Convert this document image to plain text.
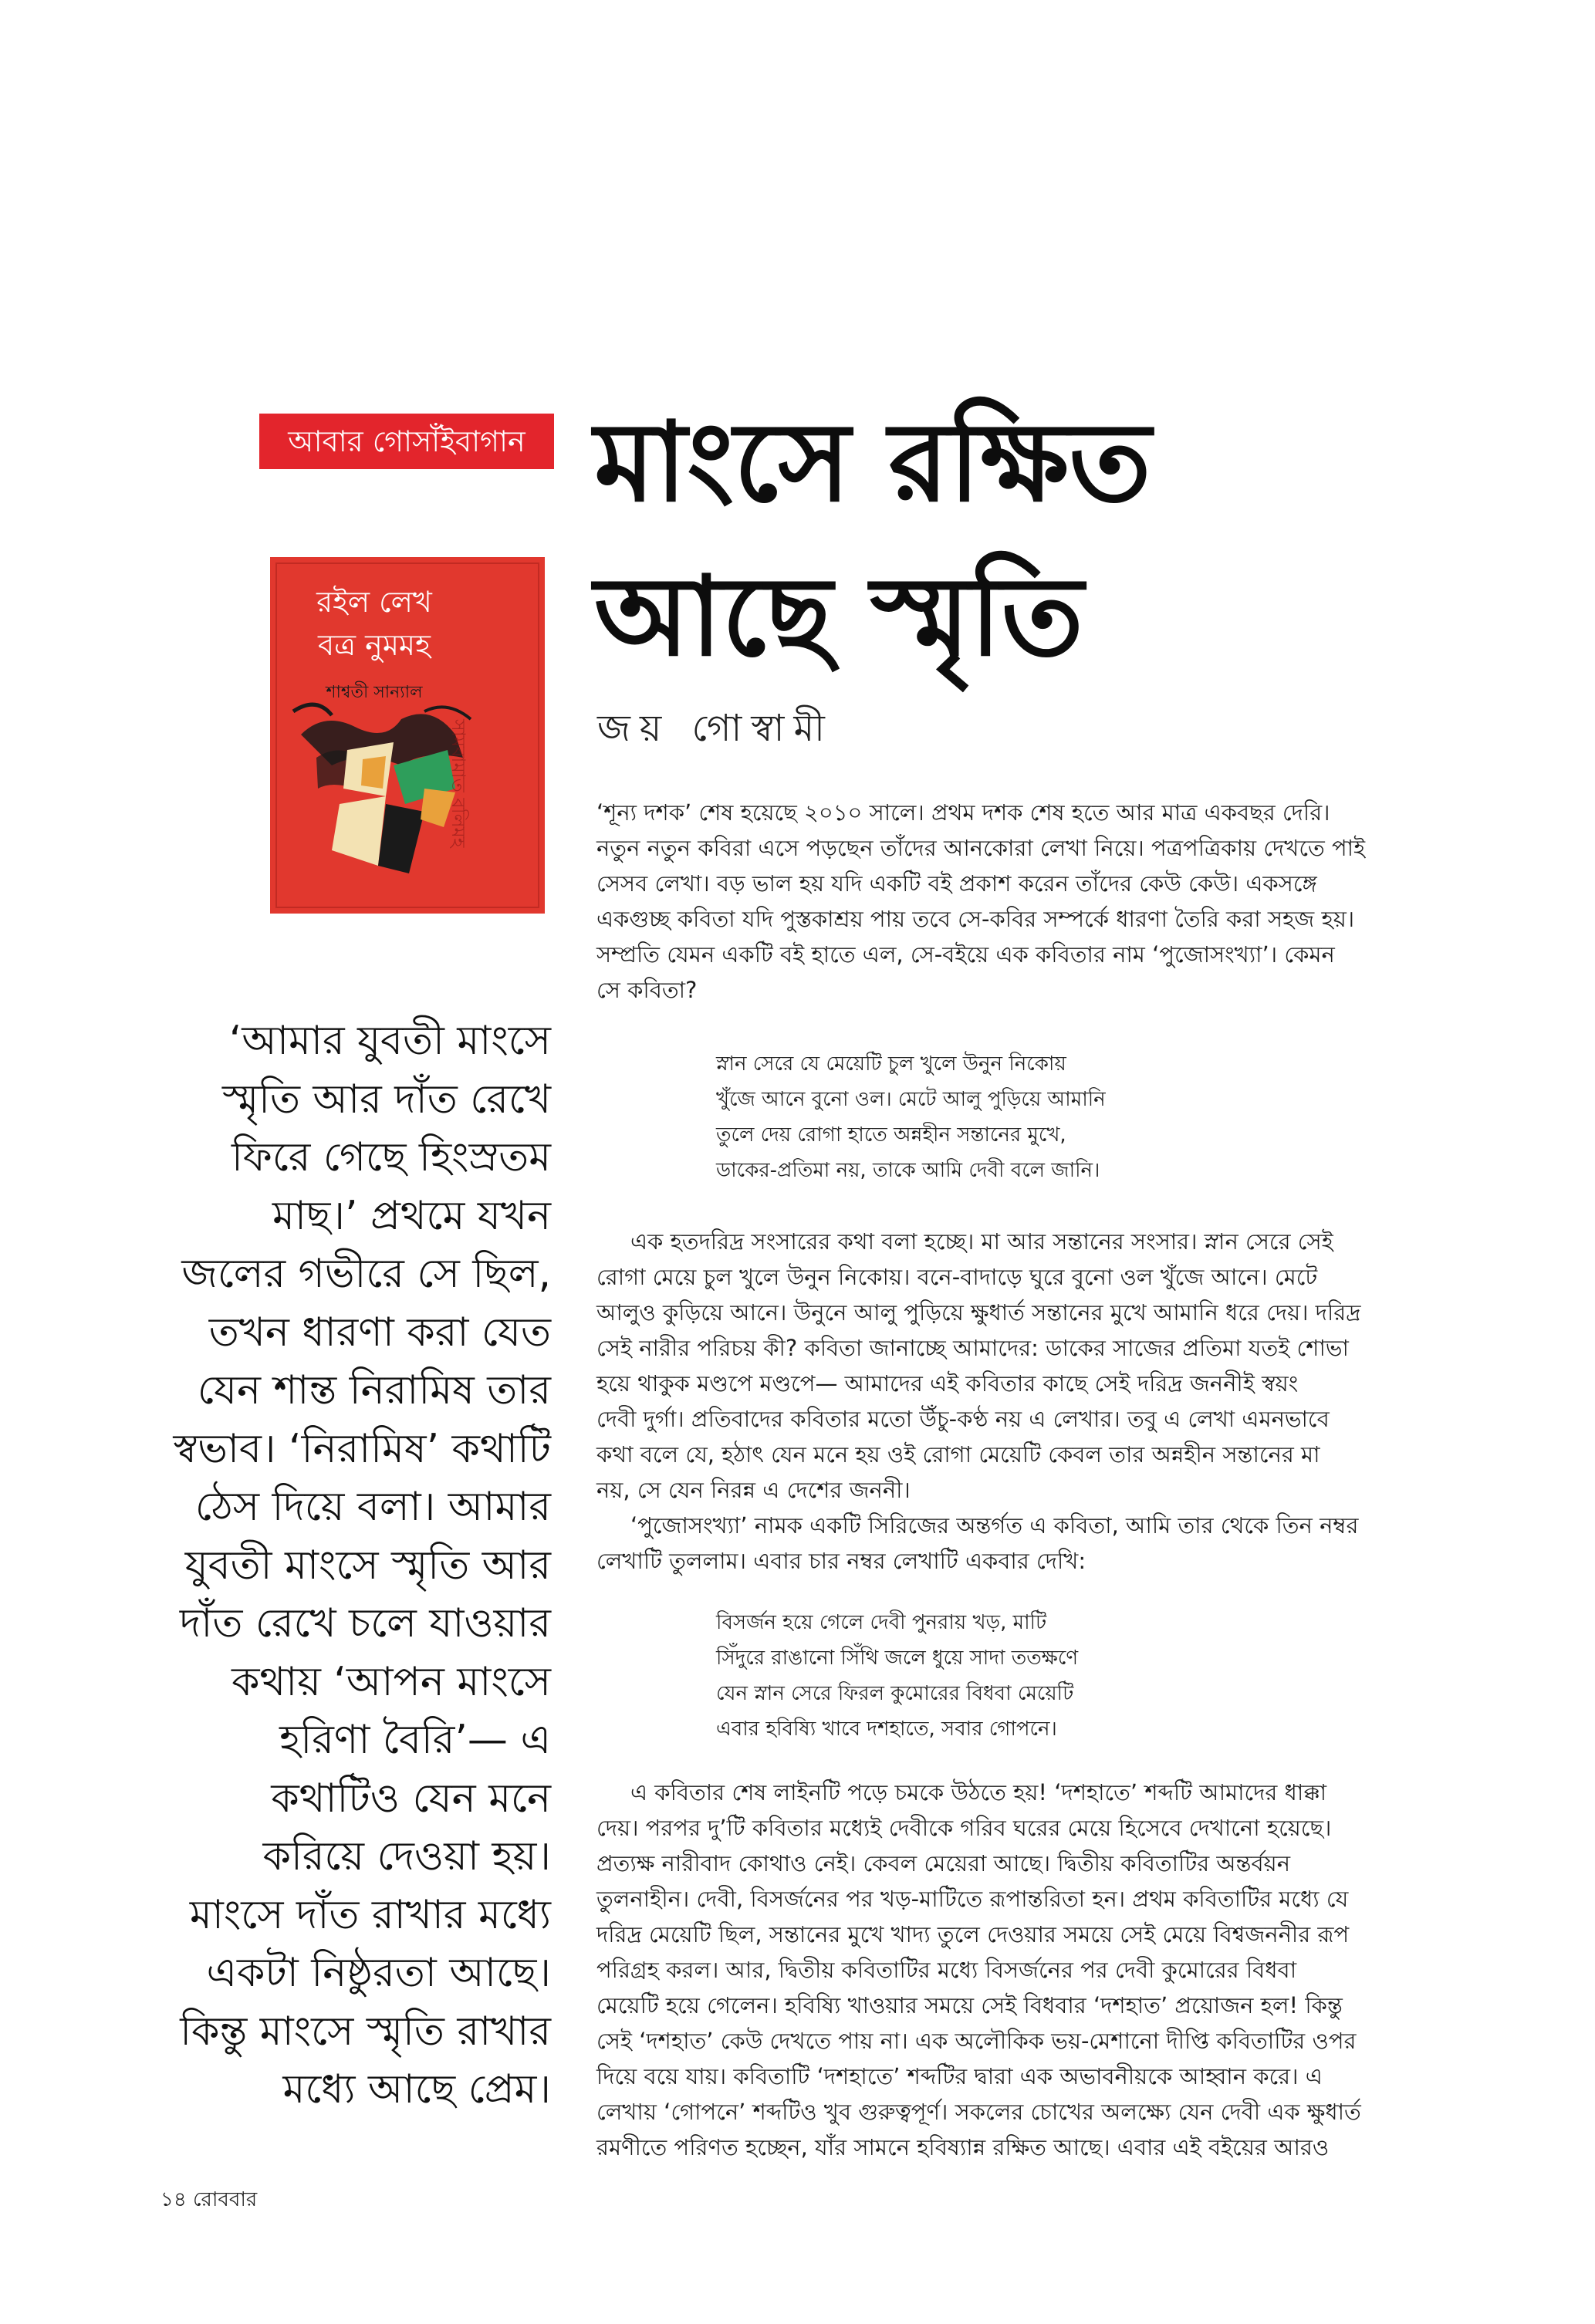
আবার গোসাঁইবাগান মাংসে রক্ষিত
আছে স্মৃতি
জয় গোস্বামী
রইল লেখ
বত্র নুমমহ
শাশ্বতী সান্যাল
সামবামাত বলিমহ
‘আমার যুবতী মাংসে
স্মৃতি আর দাঁত রেখে
ফিরে গেছে হিংস্রতম
মাছ।’ প্রথমে যখন
জলের গভীরে সে ছিল,
তখন ধারণা করা যেত
যেন শান্ত নিরামিষ তার
স্বভাব। ‘নিরামিষ’ কথাটি
ঠেস দিয়ে বলা। আমার
যুবতী মাংসে স্মৃতি আর
দাঁত রেখে চলে যাওয়ার
কথায় ‘আপন মাংসে
হরিণা বৈরি’— এ
কথাটিও যেন মনে
করিয়ে দেওয়া হয়।
মাংসে দাঁত রাখার মধ্যে
একটা নিষ্ঠুরতা আছে।
কিন্তু মাংসে স্মৃতি রাখার
মধ্যে আছে প্রেম।
‘শূন্য দশক’ শেষ হয়েছে ২০১০ সালে। প্রথম দশক শেষ হতে আর মাত্র একবছর দেরি।
নতুন নতুন কবিরা এসে পড়ছেন তাঁদের আনকোরা লেখা নিয়ে। পত্রপত্রিকায় দেখতে পাই
সেসব লেখা। বড় ভাল হয় যদি একটি বই প্রকাশ করেন তাঁদের কেউ কেউ। একসঙ্গে
একগুচ্ছ কবিতা যদি পুস্তকাশ্রয় পায় তবে সে-কবির সম্পর্কে ধারণা তৈরি করা সহজ হয়।
সম্প্রতি যেমন একটি বই হাতে এল, সে-বইয়ে এক কবিতার নাম ‘পুজোসংখ্যা’। কেমন
সে কবিতা?
স্নান সেরে যে মেয়েটি চুল খুলে উনুন নিকোয়
খুঁজে আনে বুনো ওল। মেটে আলু পুড়িয়ে আমানি
তুলে দেয় রোগা হাতে অন্নহীন সন্তানের মুখে,
ডাকের-প্রতিমা নয়, তাকে আমি দেবী বলে জানি।
এক হতদরিদ্র সংসারের কথা বলা হচ্ছে। মা আর সন্তানের সংসার। স্নান সেরে সেই
রোগা মেয়ে চুল খুলে উনুন নিকোয়। বনে-বাদাড়ে ঘুরে বুনো ওল খুঁজে আনে। মেটে
আলুও কুড়িয়ে আনে। উনুনে আলু পুড়িয়ে ক্ষুধার্ত সন্তানের মুখে আমানি ধরে দেয়। দরিদ্র
সেই নারীর পরিচয় কী? কবিতা জানাচ্ছে আমাদের: ডাকের সাজের প্রতিমা যতই শোভা
হয়ে থাকুক মণ্ডপে মণ্ডপে— আমাদের এই কবিতার কাছে সেই দরিদ্র জননীই স্বয়ং
দেবী দুর্গা। প্রতিবাদের কবিতার মতো উঁচু-কণ্ঠ নয় এ লেখার। তবু এ লেখা এমনভাবে
কথা বলে যে, হঠাৎ যেন মনে হয় ওই রোগা মেয়েটি কেবল তার অন্নহীন সন্তানের মা
নয়, সে যেন নিরন্ন এ দেশের জননী।
‘পুজোসংখ্যা’ নামক একটি সিরিজের অন্তর্গত এ কবিতা, আমি তার থেকে তিন নম্বর
লেখাটি তুললাম। এবার চার নম্বর লেখাটি একবার দেখি:
বিসর্জন হয়ে গেলে দেবী পুনরায় খড়, মাটি
সিঁদুরে রাঙানো সিঁথি জলে ধুয়ে সাদা ততক্ষণে
যেন স্নান সেরে ফিরল কুমোরের বিধবা মেয়েটি
এবার হবিষ্যি খাবে দশহাতে, সবার গোপনে।
এ কবিতার শেষ লাইনটি পড়ে চমকে উঠতে হয়! ‘দশহাতে’ শব্দটি আমাদের ধাক্কা
দেয়। পরপর দু’টি কবিতার মধ্যেই দেবীকে গরিব ঘরের মেয়ে হিসেবে দেখানো হয়েছে।
প্রত্যক্ষ নারীবাদ কোথাও নেই। কেবল মেয়েরা আছে। দ্বিতীয় কবিতাটির অন্তর্বয়ন
তুলনাহীন। দেবী, বিসর্জনের পর খড়-মাটিতে রূপান্তরিতা হন। প্রথম কবিতাটির মধ্যে যে
দরিদ্র মেয়েটি ছিল, সন্তানের মুখে খাদ্য তুলে দেওয়ার সময়ে সেই মেয়ে বিশ্বজননীর রূপ
পরিগ্রহ করল। আর, দ্বিতীয় কবিতাটির মধ্যে বিসর্জনের পর দেবী কুমোরের বিধবা
মেয়েটি হয়ে গেলেন। হবিষ্যি খাওয়ার সময়ে সেই বিধবার ‘দশহাত’ প্রয়োজন হল! কিন্তু
সেই ‘দশহাত’ কেউ দেখতে পায় না। এক অলৌকিক ভয়-মেশানো দীপ্তি কবিতাটির ওপর
দিয়ে বয়ে যায়। কবিতাটি ‘দশহাতে’ শব্দটির দ্বারা এক অভাবনীয়কে আহ্বান করে। এ
লেখায় ‘গোপনে’ শব্দটিও খুব গুরুত্বপূর্ণ। সকলের চোখের অলক্ষ্যে যেন দেবী এক ক্ষুধার্ত
রমণীতে পরিণত হচ্ছেন, যাঁর সামনে হবিষ্যান্ন রক্ষিত আছে। এবার এই বইয়ের আরও
১৪ রোববার
